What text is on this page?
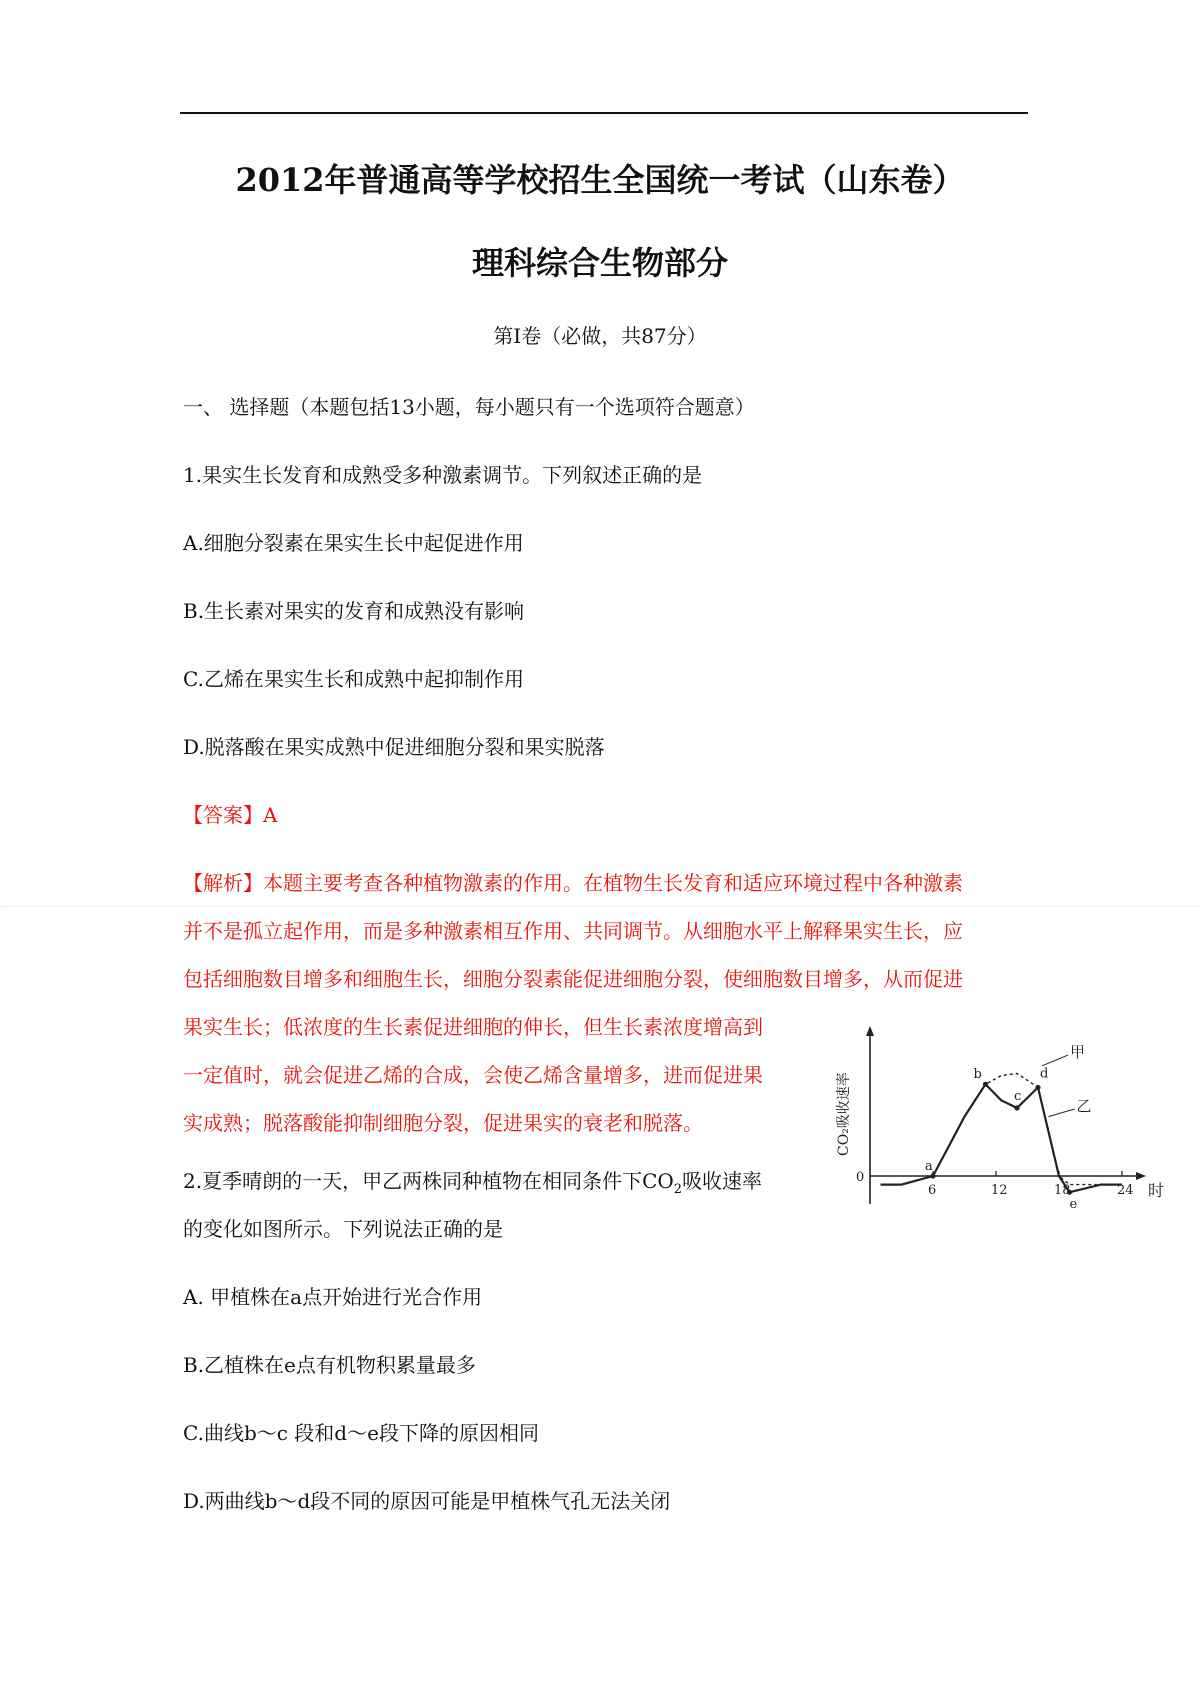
2012年普通高等学校招生全国统一考试（山东卷）
理科综合生物部分
第Ⅰ卷（必做，共87分）
一、 选择题（本题包括13小题，每小题只有一个选项符合题意）
1.果实生长发育和成熟受多种激素调节。下列叙述正确的是
A.细胞分裂素在果实生长中起促进作用
B.生长素对果实的发育和成熟没有影响
C.乙烯在果实生长和成熟中起抑制作用
D.脱落酸在果实成熟中促进细胞分裂和果实脱落
【答案】A
【解析】本题主要考查各种植物激素的作用。在植物生长发育和适应环境过程中各种激素
并不是孤立起作用，而是多种激素相互作用、共同调节。从细胞水平上解释果实生长，应
包括细胞数目增多和细胞生长，细胞分裂素能促进细胞分裂，使细胞数目增多，从而促进
果实生长；低浓度的生长素促进细胞的伸长，但生长素浓度增高到
一定值时，就会促进乙烯的合成，会使乙烯含量增多，进而促进果
实成熟；脱落酸能抑制细胞分裂，促进果实的衰老和脱落。
2.夏季晴朗的一天，甲乙两株同种植物在相同条件下$CO_2$吸收速率
的变化如图所示。下列说法正确的是
A. 甲植株在a点开始进行光合作用
B.乙植株在e点有机物积累量最多
C.曲线b～c 段和d～e段下降的原因相同
D.两曲线b～d段不同的原因可能是甲植株气孔无法关闭
6	12	18	24
0
时
CO₂吸收速率
a
b
c
d
e
甲
乙
